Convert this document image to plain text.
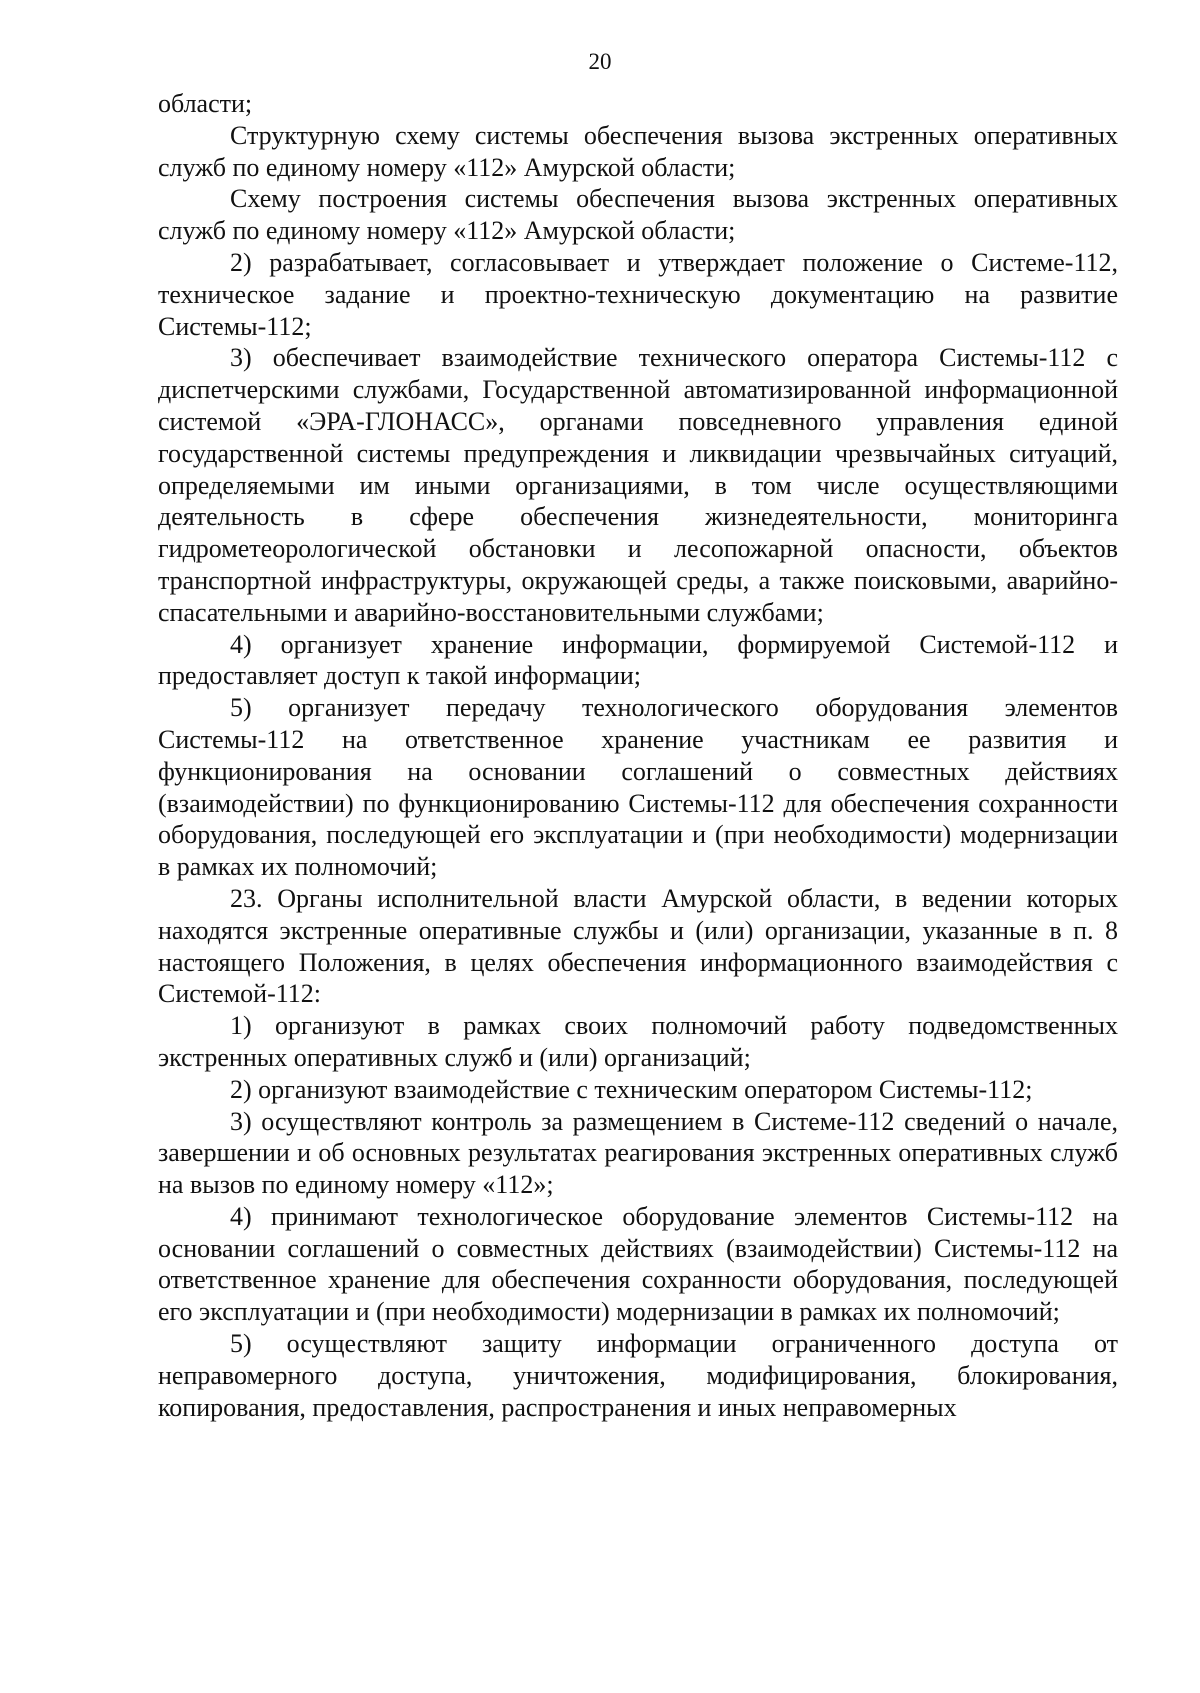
20

области;

Структурную схему системы обеспечения вызова экстренных оперативных служб по единому номеру «112» Амурской области;

Схему построения системы обеспечения вызова экстренных оперативных служб по единому номеру «112» Амурской области;

2) разрабатывает, согласовывает и утверждает положение о Системе-112, техническое задание и проектно-техническую документацию на развитие Системы-112;

3) обеспечивает взаимодействие технического оператора Системы-112 с диспетчерскими службами, Государственной автоматизированной информационной системой «ЭРА-ГЛОНАСС», органами повседневного управления единой государственной системы предупреждения и ликвидации чрезвычайных ситуаций, определяемыми им иными организациями, в том числе осуществляющими деятельность в сфере обеспечения жизнедеятельности, мониторинга гидрометеорологической обстановки и лесопожарной опасности, объектов транспортной инфраструктуры, окружающей среды, а также поисковыми, аварийно-спасательными и аварийно-восстановительными службами;

4) организует хранение информации, формируемой Системой-112 и предоставляет доступ к такой информации;

5) организует передачу технологического оборудования элементов Системы-112 на ответственное хранение участникам ее развития и функционирования на основании соглашений о совместных действиях (взаимодействии) по функционированию Системы-112 для обеспечения сохранности оборудования, последующей его эксплуатации и (при необходимости) модернизации в рамках их полномочий;

23. Органы исполнительной власти Амурской области, в ведении которых находятся экстренные оперативные службы и (или) организации, указанные в п. 8 настоящего Положения, в целях обеспечения информационного взаимодействия с Системой-112:

1) организуют в рамках своих полномочий работу подведомственных экстренных оперативных служб и (или) организаций;

2) организуют взаимодействие с техническим оператором Системы-112;

3) осуществляют контроль за размещением в Системе-112 сведений о начале, завершении и об основных результатах реагирования экстренных оперативных служб на вызов по единому номеру «112»;

4) принимают технологическое оборудование элементов Системы-112 на основании соглашений о совместных действиях (взаимодействии) Системы-112 на ответственное хранение для обеспечения сохранности оборудования, последующей его эксплуатации и (при необходимости) модернизации в рамках их полномочий;

5) осуществляют защиту информации ограниченного доступа от неправомерного доступа, уничтожения, модифицирования, блокирования, копирования, предоставления, распространения и иных неправомерных
